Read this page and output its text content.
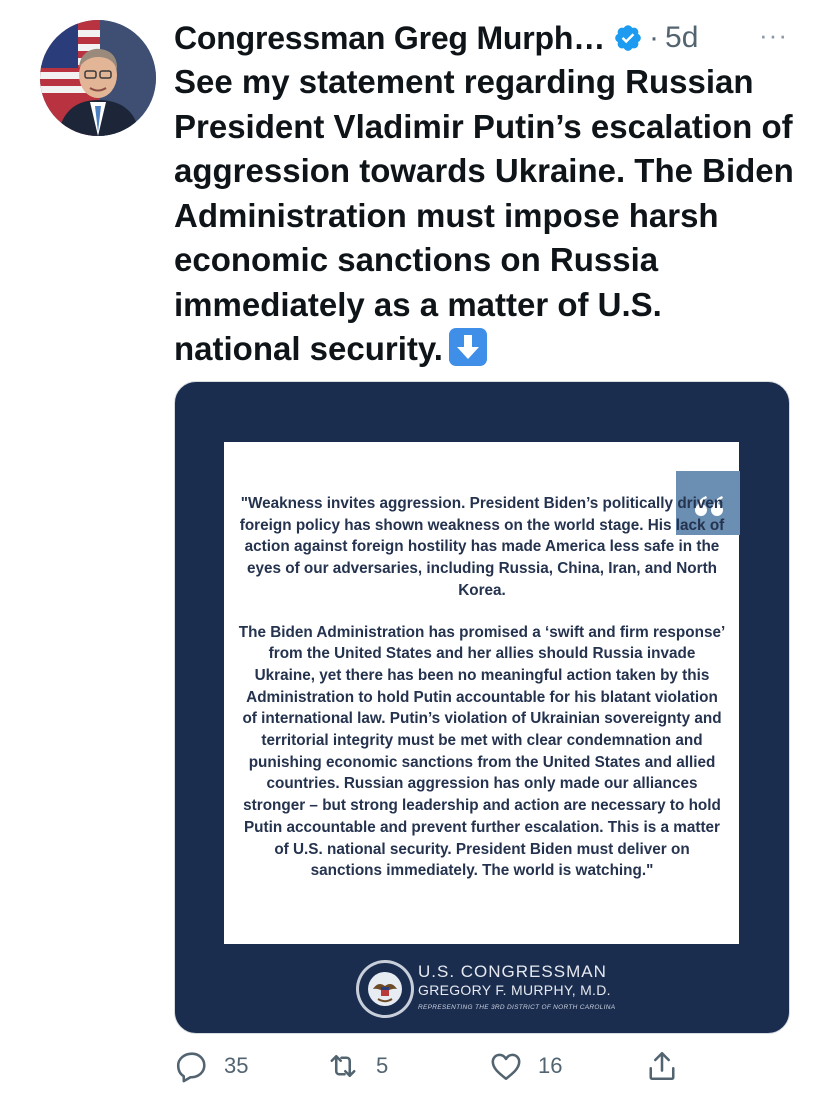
Congressman Greg Murph… · 5d ···
See my statement regarding Russian President Vladimir Putin’s escalation of aggression towards Ukraine. The Biden Administration must impose harsh economic sanctions on Russia immediately as a matter of U.S. national security.

"Weakness invites aggression. President Biden’s politically driven foreign policy has shown weakness on the world stage. His lack of action against foreign hostility has made America less safe in the eyes of our adversaries, including Russia, China, Iran, and North Korea.

The Biden Administration has promised a ‘swift and firm response’ from the United States and her allies should Russia invade Ukraine, yet there has been no meaningful action taken by this Administration to hold Putin accountable for his blatant violation of international law. Putin’s violation of Ukrainian sovereignty and territorial integrity must be met with clear condemnation and punishing economic sanctions from the United States and allied countries. Russian aggression has only made our alliances stronger – but strong leadership and action are necessary to hold Putin accountable and prevent further escalation. This is a matter of U.S. national security. President Biden must deliver on sanctions immediately. The world is watching."

U.S. CONGRESSMAN
GREGORY F. MURPHY, M.D.
REPRESENTING THE 3RD DISTRICT OF NORTH CAROLINA
35	5	16
